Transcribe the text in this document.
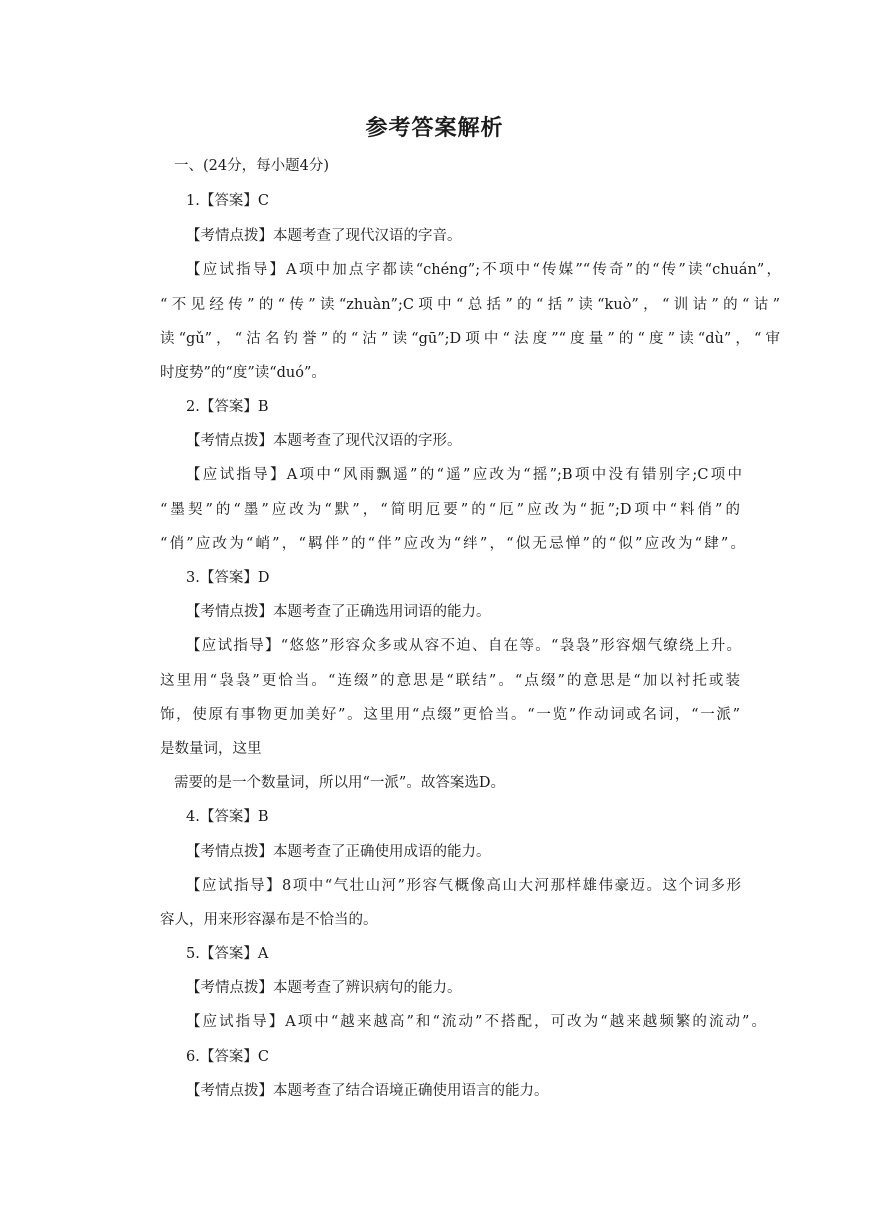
参考答案解析
一、(24分，每小题4分)
1.【答案】C
【考情点拨】本题考查了现代汉语的字音。
【应试指导】A项中加点字都读“chéng”;不项中“传媒”“传奇”的“传”读“chuán”，
“不见经传”的“传”读“zhuàn”;C项中“总括”的“括”读“kuò”，“训诂”的“诂”
读“gǔ”，“沽名钓誉”的“沽”读“gū”;D项中“法度”“度量”的“度”读“dù”，“审
时度势”的“度”读“duó”。
2.【答案】B
【考情点拨】本题考查了现代汉语的字形。
【应试指导】A项中“风雨飘遥”的“遥”应改为“摇”;B项中没有错别字;C项中
“墨契”的“墨”应改为“默”，“简明厄要”的“厄”应改为“扼”;D项中“料俏”的
“俏”应改为“峭”，“羁伴”的“伴”应改为“绊”，“似无忌惮”的“似”应改为“肆”。
3.【答案】D
【考情点拨】本题考查了正确选用词语的能力。
【应试指导】“悠悠”形容众多或从容不迫、自在等。“袅袅”形容烟气缭绕上升。
这里用“袅袅”更恰当。“连缀”的意思是“联结”。“点缀”的意思是“加以衬托或装
饰，使原有事物更加美好”。这里用“点缀”更恰当。“一览”作动词或名词，“一派”
是数量词，这里
需要的是一个数量词，所以用“一派”。故答案选D。
4.【答案】B
【考情点拨】本题考查了正确使用成语的能力。
【应试指导】8项中“气壮山河”形容气概像高山大河那样雄伟豪迈。这个词多形
容人，用来形容瀑布是不恰当的。
5.【答案】A
【考情点拨】本题考查了辨识病句的能力。
【应试指导】A项中“越来越高”和“流动”不搭配，可改为“越来越频繁的流动”。
6.【答案】C
【考情点拨】本题考查了结合语境正确使用语言的能力。
